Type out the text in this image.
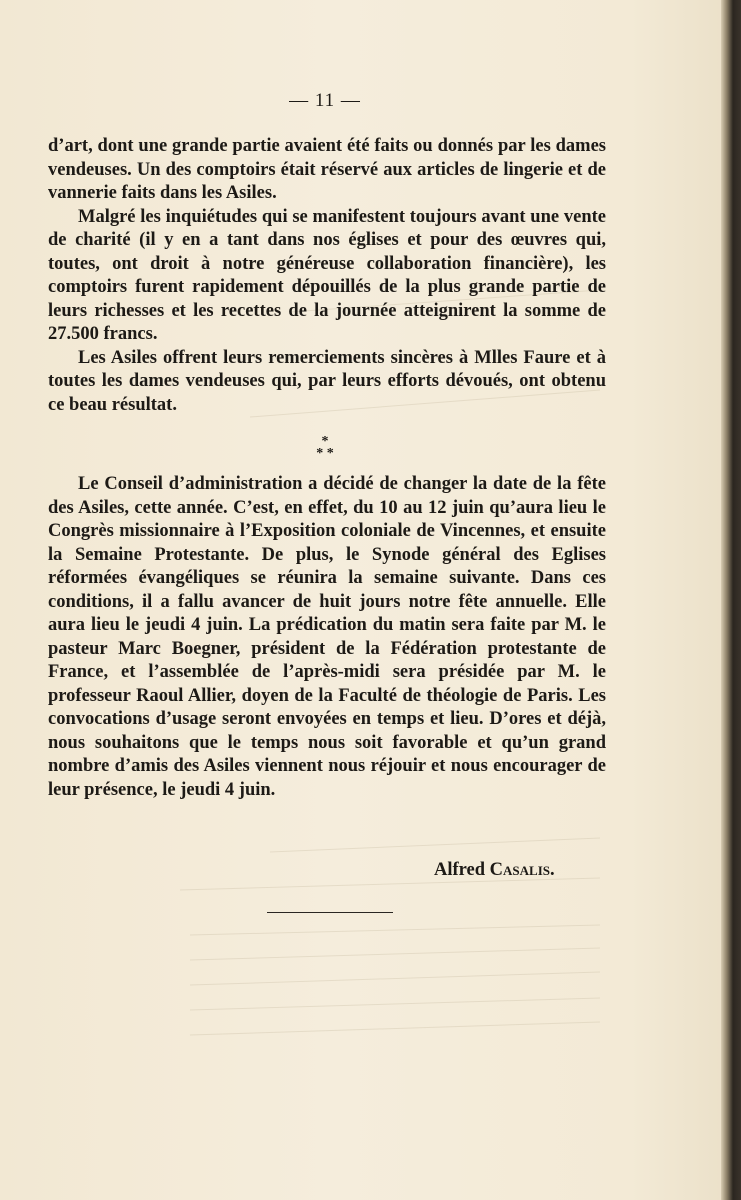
— 11 —

d’art, dont une grande partie avaient été faits ou donnés par les dames vendeuses. Un des comptoirs était réservé aux articles de lingerie et de vannerie faits dans les Asiles.

Malgré les inquiétudes qui se manifestent toujours avant une vente de charité (il y en a tant dans nos églises et pour des œuvres qui, toutes, ont droit à notre généreuse collaboration financière), les comptoirs furent rapidement dépouillés de la plus grande partie de leurs richesses et les recettes de la journée atteignirent la somme de 27.500 francs.

Les Asiles offrent leurs remerciements sincères à Mlles Faure et à toutes les dames vendeuses qui, par leurs efforts dévoués, ont obtenu ce beau résultat.

*
* *

Le Conseil d’administration a décidé de changer la date de la fête des Asiles, cette année. C’est, en effet, du 10 au 12 juin qu’aura lieu le Congrès missionnaire à l’Exposition coloniale de Vincennes, et ensuite la Semaine Protestante. De plus, le Synode général des Eglises réformées évangéliques se réunira la semaine suivante. Dans ces conditions, il a fallu avancer de huit jours notre fête annuelle. Elle aura lieu le jeudi 4 juin. La prédication du matin sera faite par M. le pasteur Marc Boegner, président de la Fédération protestante de France, et l’assemblée de l’après-midi sera présidée par M. le professeur Raoul Allier, doyen de la Faculté de théologie de Paris. Les convocations d’usage seront envoyées en temps et lieu. D’ores et déjà, nous souhaitons que le temps nous soit favorable et qu’un grand nombre d’amis des Asiles viennent nous réjouir et nous encourager de leur présence, le jeudi 4 juin.

Alfred Casalis.
